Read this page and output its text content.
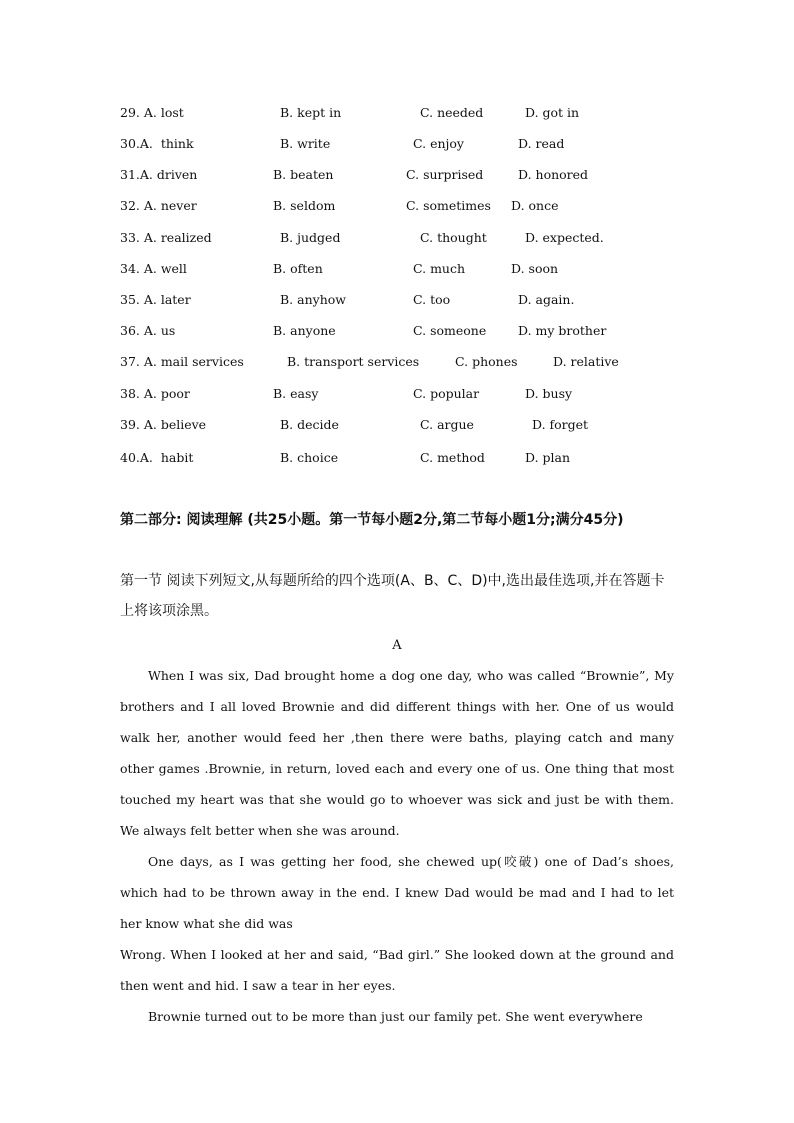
29. A. lost	B. kept in	C. needed	D. got in
30.A.  think	B. write	C. enjoy	D. read
31.A. driven	B. beaten	C. surprised	D. honored
32. A. never	B. seldom	C. sometimes D. once
33. A. realized	B. judged	C. thought	D. expected.
34. A. well	B. often	C. much	D. soon
35. A. later	B. anyhow	C. too	D. again.
36. A. us	B. anyone	C. someone	D. my brother
37. A. mail services	B. transport services	C. phones	D. relative
38. A. poor	B. easy	C. popular	D. busy
39. A. believe	B. decide	C. argue	D. forget
40.A.  habit	B. choice	C. method	D. plan
第二部分: 阅读理解 (共25小题。第一节每小题2分,第二节每小题1分;满分45分)
第一节 阅读下列短文,从每题所给的四个选项(A、B、C、D)中,选出最佳选项,并在答题卡上将该项涂黑。
A

When I was six, Dad brought home a dog one day, who was called “Brownie”, My brothers and I all loved Brownie and did different things with her. One of us would walk her, another would feed her ,then there were baths, playing catch and many other games .Brownie, in return, loved each and every one of us. One thing that most touched my heart was that she would go to whoever was sick and just be with them. We always felt better when she was around.

One days, as I was getting her food, she chewed up(咬破) one of Dad’s shoes, which had to be thrown away in the end. I knew Dad would be mad and I had to let her know what she did was

Wrong. When I looked at her and said, “Bad girl.” She looked down at the ground and then went and hid. I saw a tear in her eyes.

Brownie turned out to be more than just our family pet. She went everywhere
